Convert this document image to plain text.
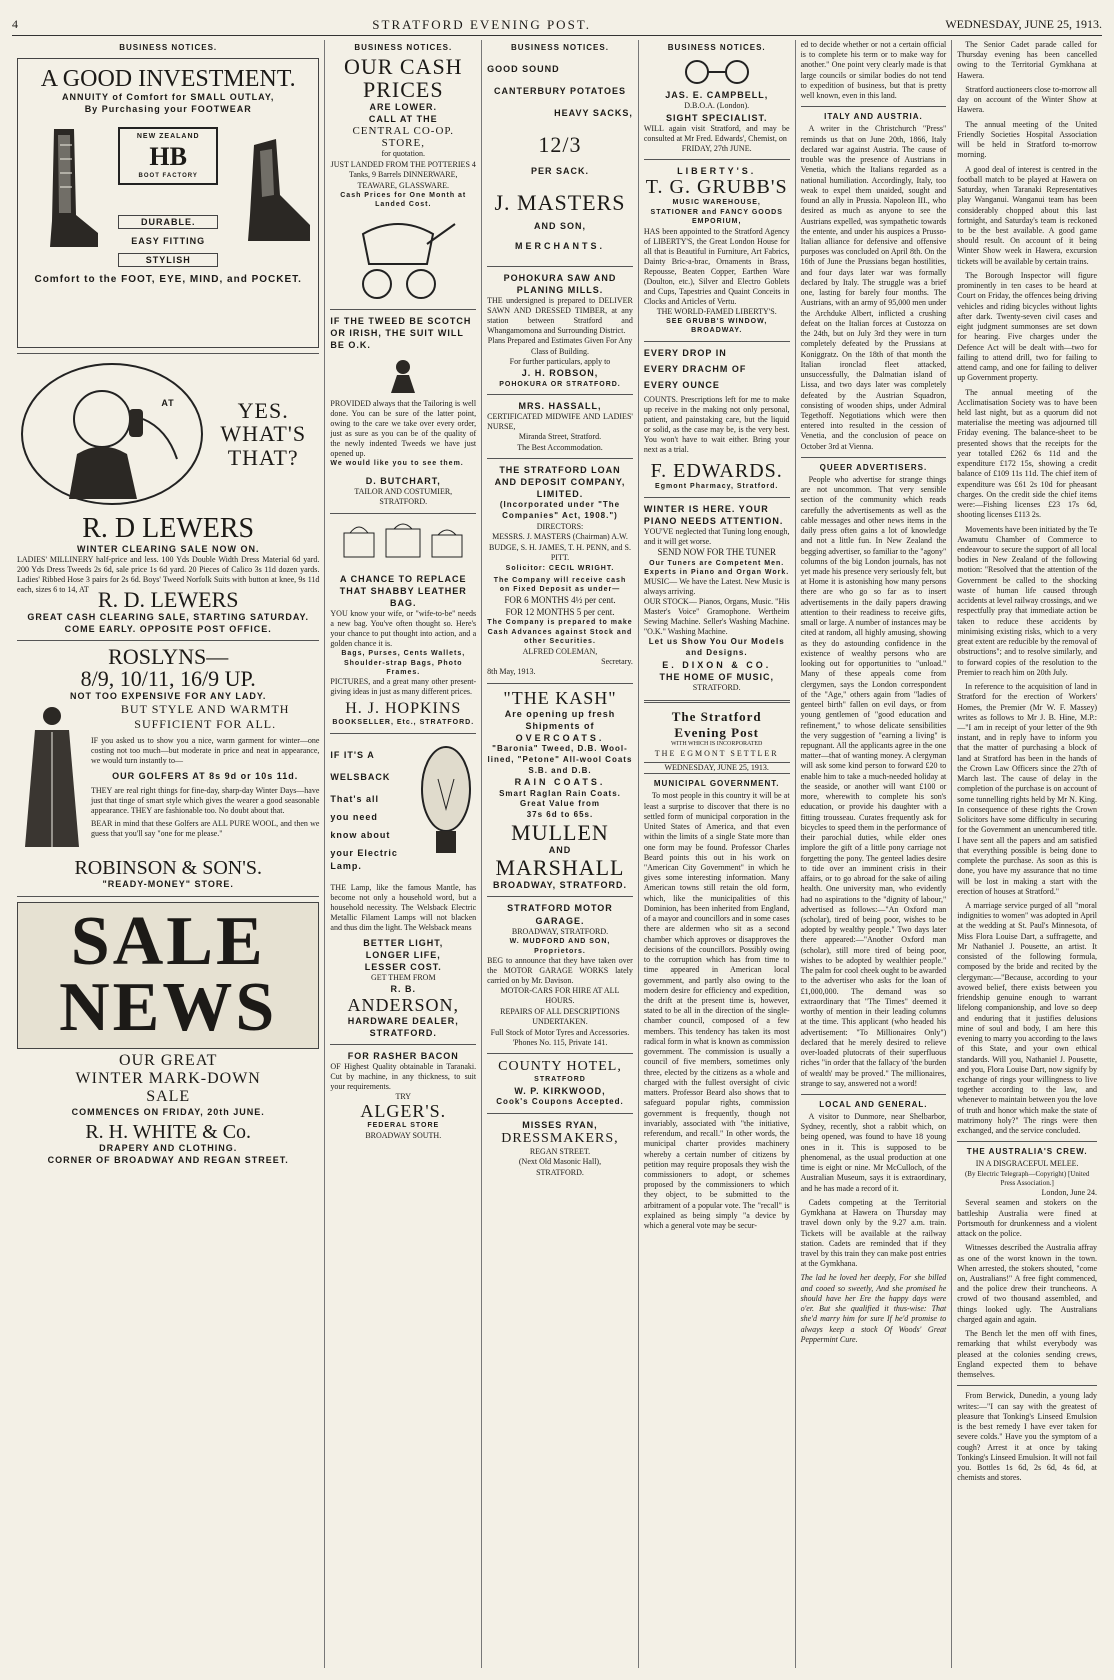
4	STRATFORD EVENING POST.	WEDNESDAY, JUNE 25, 1913.
BUSINESS NOTICES.
A GOOD INVESTMENT.
ANNUITY of Comfort for SMALL OUTLAY,
By Purchasing your FOOTWEAR
NEW ZEALAND
HB
BOOT FACTORY
DURABLE.
EASY FITTING
STYLISH
AT
Comfort to the FOOT, EYE, MIND, and POCKET.
YES.
WHAT'S
THAT?
R. D LEWERS
WINTER CLEARING SALE NOW ON.
LADIES' MILLINERY half-price and less. 100 Yds Double Width Dress Material 6d yard. 200 Yds Dress Tweeds 2s 6d, sale price 1s 6d yard. 20 Pieces of Calico 3s 11d dozen yards. Ladies' Ribbed Hose 3 pairs for 2s 6d. Boys' Tweed Norfolk Suits with button at knee, 9s 11d each, sizes 6 to 14, AT R. D. LEWERS
GREAT CASH CLEARING SALE, STARTING SATURDAY.
COME EARLY. OPPOSITE POST OFFICE.
ROSLYNS—
8/9, 10/11, 16/9 UP.
NOT TOO EXPENSIVE FOR ANY LADY.
BUT STYLE AND WARMTH
SUFFICIENT FOR ALL.
IF you asked us to show you a nice, warm garment for winter—one costing not too much—but moderate in price and neat in appearance, we would turn instantly to—
OUR GOLFERS AT 8s 9d or 10s 11d.
THEY are real right things for fine-day, sharp-day Winter Days—have just that tinge of smart style which gives the wearer a good seasonable appearance. THEY are fashionable too. No doubt about that.
BEAR in mind that these Golfers are ALL PURE WOOL, and then we guess that you'll say "one for me please."
ROBINSON & SON'S.
"READY-MONEY" STORE.
SALE
NEWS
OUR GREAT
WINTER MARK-DOWN
SALE
COMMENCES ON FRIDAY, 20th JUNE.
R. H. WHITE & Co.
DRAPERY AND CLOTHING.
CORNER OF BROADWAY AND REGAN STREET.
BUSINESS NOTICES.
OUR CASH
PRICES
ARE LOWER.
CALL AT THE
CENTRAL CO-OP. STORE,
for quotation.
JUST LANDED FROM THE POTTERIES 4 Tanks, 9 Barrels DINNERWARE, TEAWARE, GLASSWARE.
Cash Prices for One Month at Landed Cost.
IF THE TWEED BE SCOTCH OR IRISH, THE SUIT WILL BE O.K.
PROVIDED always that the Tailoring is well done. You can be sure of the latter point, owing to the care we take over every order, just as sure as you can be of the quality of the newly indented Tweeds we have just opened up.
We would like you to see them.
D. BUTCHART,
TAILOR AND COSTUMIER,
STRATFORD.
A CHANCE TO REPLACE THAT SHABBY LEATHER BAG.
YOU know your wife, or "wife-to-be" needs a new bag. You've often thought so. Here's your chance to put thought into action, and a golden chance it is.
Bags, Purses, Cents Wallets, Shoulder-strap Bags, Photo Frames.
PICTURES, and a great many other present-giving ideas in just as many different prices.
H. J. HOPKINS
BOOKSELLER, Etc., STRATFORD.
IF IT'S A
WELSBACK
That's all
you need
know about
your Electric Lamp.
THE Lamp, like the famous Mantle, has become not only a household word, but a household necessity. The Welsback Electric Metallic Filament Lamps will not blacken and thus dim the light. The Welsback means
BETTER LIGHT,
LONGER LIFE,
LESSER COST.
GET THEM FROM
R. B.
ANDERSON,
HARDWARE DEALER,
STRATFORD.
FOR RASHER BACON
OF Highest Quality obtainable in Taranaki. Cut by machine, in any thickness, to suit your requirements.
TRY
ALGER'S.
FEDERAL STORE
BROADWAY SOUTH.
BUSINESS NOTICES.
GOOD SOUND
CANTERBURY POTATOES
HEAVY SACKS,
12/3
PER SACK.
J. MASTERS
AND SON,
MERCHANTS.
POHOKURA SAW AND PLANING MILLS.
THE undersigned is prepared to DELIVER SAWN AND DRESSED TIMBER, at any station between Stratford and Whangamomona and Surrounding District.
Plans Prepared and Estimates Given For Any Class of Building.
For further particulars, apply to
J. H. ROBSON,
POHOKURA OR STRATFORD.
MRS. HASSALL,
CERTIFICATED MIDWIFE AND LADIES' NURSE,
Miranda Street, Stratford.
The Best Accommodation.
THE STRATFORD LOAN AND DEPOSIT COMPANY, LIMITED.
(Incorporated under "The Companies" Act, 1908.")
DIRECTORS:
MESSRS. J. MASTERS (Chairman) A.W. BUDGE, S. H. JAMES, T. H. PENN, and S. PITT.
Solicitor: CECIL WRIGHT.
The Company will receive cash on Fixed Deposit as under—
FOR 6 MONTHS 4½ per cent.
FOR 12 MONTHS 5 per cent.
The Company is prepared to make Cash Advances against Stock and other Securities.
ALFRED COLEMAN,
Secretary.
8th May, 1913.
"THE KASH"
Are opening up fresh Shipments of
OVERCOATS.
"Baronia" Tweed, D.B. Wool-lined, "Petone" All-wool Coats S.B. and D.B.
RAIN COATS.
Smart Raglan Rain Coats.
Great Value from
37s 6d to 65s.
MULLEN
AND
MARSHALL
BROADWAY, STRATFORD.
STRATFORD MOTOR GARAGE.
BROADWAY, STRATFORD.
W. MUDFORD AND SON, Proprietors.
BEG to announce that they have taken over the MOTOR GARAGE WORKS lately carried on by Mr. Davison.
MOTOR-CARS FOR HIRE AT ALL HOURS.
REPAIRS OF ALL DESCRIPTIONS UNDERTAKEN.
Full Stock of Motor Tyres and Accessories.
'Phones No. 115, Private 141.
COUNTY HOTEL,
STRATFORD
W. P. KIRKWOOD,
Cook's Coupons Accepted.
MISSES RYAN,
DRESSMAKERS,
REGAN STREET.
(Next Old Masonic Hall),
STRATFORD.
BUSINESS NOTICES.
JAS. E. CAMPBELL,
D.B.O.A. (London).
SIGHT SPECIALIST.
WILL again visit Stratford, and may be consulted at Mr Fred. Edwards', Chemist, on
FRIDAY, 27th JUNE.
LIBERTY'S.
T. G. GRUBB'S
MUSIC WAREHOUSE,
STATIONER and FANCY GOODS EMPORIUM,
HAS been appointed to the Stratford Agency of LIBERTY'S, the Great London House for all that is Beautiful in Furniture, Art Fabrics, Dainty Bric-a-brac, Ornaments in Brass, Repousse, Beaten Copper, Earthen Ware (Doulton, etc.), Silver and Electro Goblets and Cups, Tapestries and Quaint Conceits in Clocks and Articles of Vertu.
THE WORLD-FAMED LIBERTY'S.
SEE GRUBB'S WINDOW, BROADWAY.
EVERY DROP IN
EVERY DRACHM OF
EVERY OUNCE
COUNTS. Prescriptions left for me to make up receive in the making not only personal, patient, and painstaking care, but the liquid or solid, as the case may be, is the very best. You won't have to wait either. Bring your next as a trial.
F. EDWARDS.
Egmont Pharmacy, Stratford.
WINTER IS HERE. YOUR PIANO NEEDS ATTENTION.
YOU'VE neglected that Tuning long enough, and it will get worse.
SEND NOW FOR THE TUNER
Our Tuners are Competent Men. Experts in Piano and Organ Work.
MUSIC— We have the Latest. New Music is always arriving.
OUR STOCK— Pianos, Organs, Music. "His Master's Voice" Gramophone. Wertheim Sewing Machine. Seller's Washing Machine. "O.K." Washing Machine.
Let us Show You Our Models and Designs.
E. DIXON & CO.
THE HOME OF MUSIC,
STRATFORD.
The Stratford Evening Post
WITH WHICH IS INCORPORATED
THE EGMONT SETTLER
WEDNESDAY, JUNE 25, 1913.
MUNICIPAL GOVERNMENT.
To most people in this country it will be at least a surprise to discover that there is no settled form of municipal corporation in the United States of America, and that even within the limits of a single State more than one form may be found. Professor Charles Beard points this out in his work on "American City Government" in which he gives some interesting information. Many American towns still retain the old form, which, like the municipalities of this Dominion, has been inherited from England, of a mayor and councillors and in some cases there are aldermen who sit as a second chamber which approves or disapproves the decisions of the councillors. Possibly owing to the corruption which has from time to time appeared in American local government, and partly also owing to the modern desire for efficiency and expedition, the drift at the present time is, however, stated to be all in the direction of the single-chamber council, composed of a few members. This tendency has taken its most radical form in what is known as commission government. The commission is usually a council of five members, sometimes only three, elected by the citizens as a whole and charged with the fullest oversight of civic matters. Professor Beard also shows that to safeguard popular rights, commission government is frequently, though not invariably, associated with "the initiative, referendum, and recall." In other words, the municipal charter provides machinery whereby a certain number of citizens by petition may require proposals they wish the commissioners to adopt, or schemes proposed by the commissioners to which they object, to be submitted to the arbitrament of a popular vote. The "recall" is explained as being simply "a device by which a general vote may be secur-
ed to decide whether or not a certain official is to complete his term or to make way for another." One point very clearly made is that large councils or similar bodies do not tend to expedition of business, but that is pretty well known, even in this land.
ITALY AND AUSTRIA.
A writer in the Christchurch "Press" reminds us that on June 20th, 1866, Italy declared war against Austria. The cause of trouble was the presence of Austrians in Venetia, which the Italians regarded as a national humiliation. Accordingly, Italy, too weak to expel them unaided, sought and found an ally in Prussia. Napoleon III., who desired as much as anyone to see the Austrians expelled, was sympathetic towards the entente, and under his auspices a Prusso-Italian alliance for defensive and offensive purposes was concluded on April 8th. On the 16th of June the Prussians began hostilities, and four days later war was formally declared by Italy. The struggle was a brief one, lasting for barely four months. The Austrians, with an army of 95,000 men under the Archduke Albert, inflicted a crushing defeat on the Italian forces at Custozza on the 24th, but on July 3rd they were in turn completely defeated by the Prussians at Koniggratz. On the 18th of that month the Italian ironclad fleet attacked, unsuccessfully, the Dalmatian island of Lissa, and two days later was completely defeated by the Austrian Squadron, consisting of wooden ships, under Admiral Tegethoff. Negotiations which were then entered into resulted in the cession of Venetia, and the conclusion of peace on October 3rd at Vienna.
QUEER ADVERTISERS.
People who advertise for strange things are not uncommon. That very sensible section of the community which reads carefully the advertisements as well as the cable messages and other news items in the daily press often gains a lot of knowledge and not a little fun. In New Zealand the begging advertiser, so familiar to the "agony" columns of the big London journals, has not yet made his presence very seriously felt, but at Home it is astonishing how many persons there are who go so far as to insert advertisements in the daily papers drawing attention to their readiness to receive gifts, small or large. A number of instances may be cited at random, all highly amusing, showing as they do astounding confidence in the existence of wealthy persons who are looking out for opportunities to "unload." Many of these appeals come from clergymen, says the London correspondent of the "Age," others again from "ladies of genteel birth" fallen on evil days, or from young gentlemen of "good education and refinement," to whose delicate sensibilities the very suggestion of "earning a living" is repugnant. All the applicants agree in the one matter—that of wanting money. A clergyman will ask some kind person to forward £20 to enable him to take a much-needed holiday at the seaside, or another will want £100 or more, wherewith to complete his son's education, or provide his daughter with a fitting trousseau. Curates frequently ask for bicycles to speed them in the performance of their parochial duties, while elder ones implore the gift of a little pony carriage not forgetting the pony. The genteel ladies desire to tide over an imminent crisis in their affairs, or to go abroad for the sake of ailing health. One university man, who evidently had no aspirations to the "dignity of labour," advertised as follows:—"An Oxford man (scholar), tired of being poor, wishes to be adopted by wealthy people." Two days later there appeared:—"Another Oxford man (scholar), still more tired of being poor, wishes to be adopted by wealthier people." The palm for cool cheek ought to be awarded to the advertiser who asks for the loan of £1,000,000. The demand was so extraordinary that "The Times" deemed it worthy of mention in their leading columns at the time. This applicant (who headed his advertisement: "To Millionaires Only") declared that he merely desired to relieve over-loaded plutocrats of their superfluous riches "in order that the fallacy of 'the burden of wealth' may be proved." The millionaires, strange to say, answered not a word!
LOCAL AND GENERAL.
A visitor to Dunmore, near Shelbarbor, Sydney, recently, shot a rabbit which, on being opened, was found to have 18 young ones in it. This is supposed to be phenomenal, as the usual production at one time is eight or nine. Mr McCulloch, of the Australian Museum, says it is extraordinary, and he has made a record of it.
Cadets competing at the Territorial Gymkhana at Hawera on Thursday may travel down only by the 9.27 a.m. train. Tickets will be available at the railway station. Cadets are reminded that if they travel by this train they can make post entries at the Gymkhana.
The lad he loved her deeply, For she billed and cooed so sweetly, And she promised he should have her Ere the happy days were o'er. But she qualified it thus-wise: That she'd marry him for sure If he'd promise to always keep a stock Of Woods' Great Peppermint Cure.
The Senior Cadet parade called for Thursday evening has been cancelled owing to the Territorial Gymkhana at Hawera.
Stratford auctioneers close to-morrow all day on account of the Winter Show at Hawera.
The annual meeting of the United Friendly Societies Hospital Association will be held in Stratford to-morrow morning.
A good deal of interest is centred in the football match to be played at Hawera on Saturday, when Taranaki Representatives play Wanganui. Wanganui team has been considerably chopped about this last fortnight, and Saturday's team is reckoned to be the best available. A good game should result. On account of it being Winter Show week in Hawera, excursion tickets will be available by certain trains.
The Borough Inspector will figure prominently in ten cases to be heard at Court on Friday, the offences being driving vehicles and riding bicycles without lights after dark. Twenty-seven civil cases and eight judgment summonses are set down for hearing. Five charges under the Defence Act will be dealt with—two for failing to attend drill, two for failing to attend camp, and one for failing to deliver up Government property.
The annual meeting of the Acclimatisation Society was to have been held last night, but as a quorum did not materialise the meeting was adjourned till Friday evening. The balance-sheet to be presented shows that the receipts for the year totalled £262 6s 11d and the expenditure £172 15s, showing a credit balance of £109 11s 11d. The chief item of expenditure was £61 2s 10d for pheasant charges. On the credit side the chief items were:—Fishing licenses £23 17s 6d, shooting licenses £113 2s.
Movements have been initiated by the Te Awamutu Chamber of Commerce to endeavour to secure the support of all local bodies in New Zealand of the following motion: "Resolved that the attention of the Government be called to the shocking waste of human life caused through accidents at level railway crossings, and we respectfully pray that immediate action be taken to reduce these accidents by minimising existing risks, which to a very great extent are reducible by the removal of obstructions"; and to resolve similarly, and to forward copies of the resolution to the Premier to reach him on 20th July.
In reference to the acquisition of land in Stratford for the erection of Workers' Homes, the Premier (Mr W. F. Massey) writes as follows to Mr J. B. Hine, M.P.:—"I am in receipt of your letter of the 9th instant, and in reply have to inform you that the matter of purchasing a block of land at Stratford has been in the hands of the Crown Law Officers since the 27th of March last. The cause of delay in the completion of the purchase is on account of some tunnelling rights held by Mr N. King. In consequence of these rights the Crown Solicitors have some difficulty in securing for the Government an unencumbered title. I have sent all the papers and am satisfied that everything possible is being done to complete the purchase. As soon as this is done, you have my assurance that no time will be lost in making a start with the erection of houses at Stratford."
A marriage service purged of all "moral indignities to women" was adopted in April at the wedding at St. Paul's Minnesota, of Miss Flora Louise Dart, a suffragette, and Mr Nathaniel J. Pousette, an artist. It consisted of the following formula, composed by the bride and recited by the clergyman:—"Because, according to your avowed belief, there exists between you friendship genuine enough to warrant lifelong companionship, and love so deep and enduring that it justifies delusions mine of soul and body, I am here this evening to marry you according to the laws of this State, and your own ethical standards. Will you, Nathaniel J. Pousette, and you, Flora Louise Dart, now signify by exchange of rings your willingness to live together according to the law, and whenever to maintain between you the love of truth and honor which make the state of matrimony holy?" The rings were then exchanged, and the service concluded.
THE AUSTRALIA'S CREW.
IN A DISGRACEFUL MELEE.
(By Electric Telegraph—Copyright) [United Press Association.]
London, June 24.
Several seamen and stokers on the battleship Australia were fined at Portsmouth for drunkenness and a violent attack on the police.
Witnesses described the Australia affray as one of the worst known in the town. When arrested, the stokers shouted, "come on, Australians!" A free fight commenced, and the police drew their truncheons. A crowd of two thousand assembled, and things looked ugly. The Australians charged again and again.
The Bench let the men off with fines, remarking that whilst everybody was pleased at the colonies sending crews, England expected them to behave themselves.
From Berwick, Dunedin, a young lady writes:—"I can say with the greatest of pleasure that Tonking's Linseed Emulsion is the best remedy I have ever taken for severe colds." Have you the symptom of a cough? Arrest it at once by taking Tonking's Linseed Emulsion. It will not fail you. Bottles 1s 6d, 2s 6d, 4s 6d, at chemists and stores.
